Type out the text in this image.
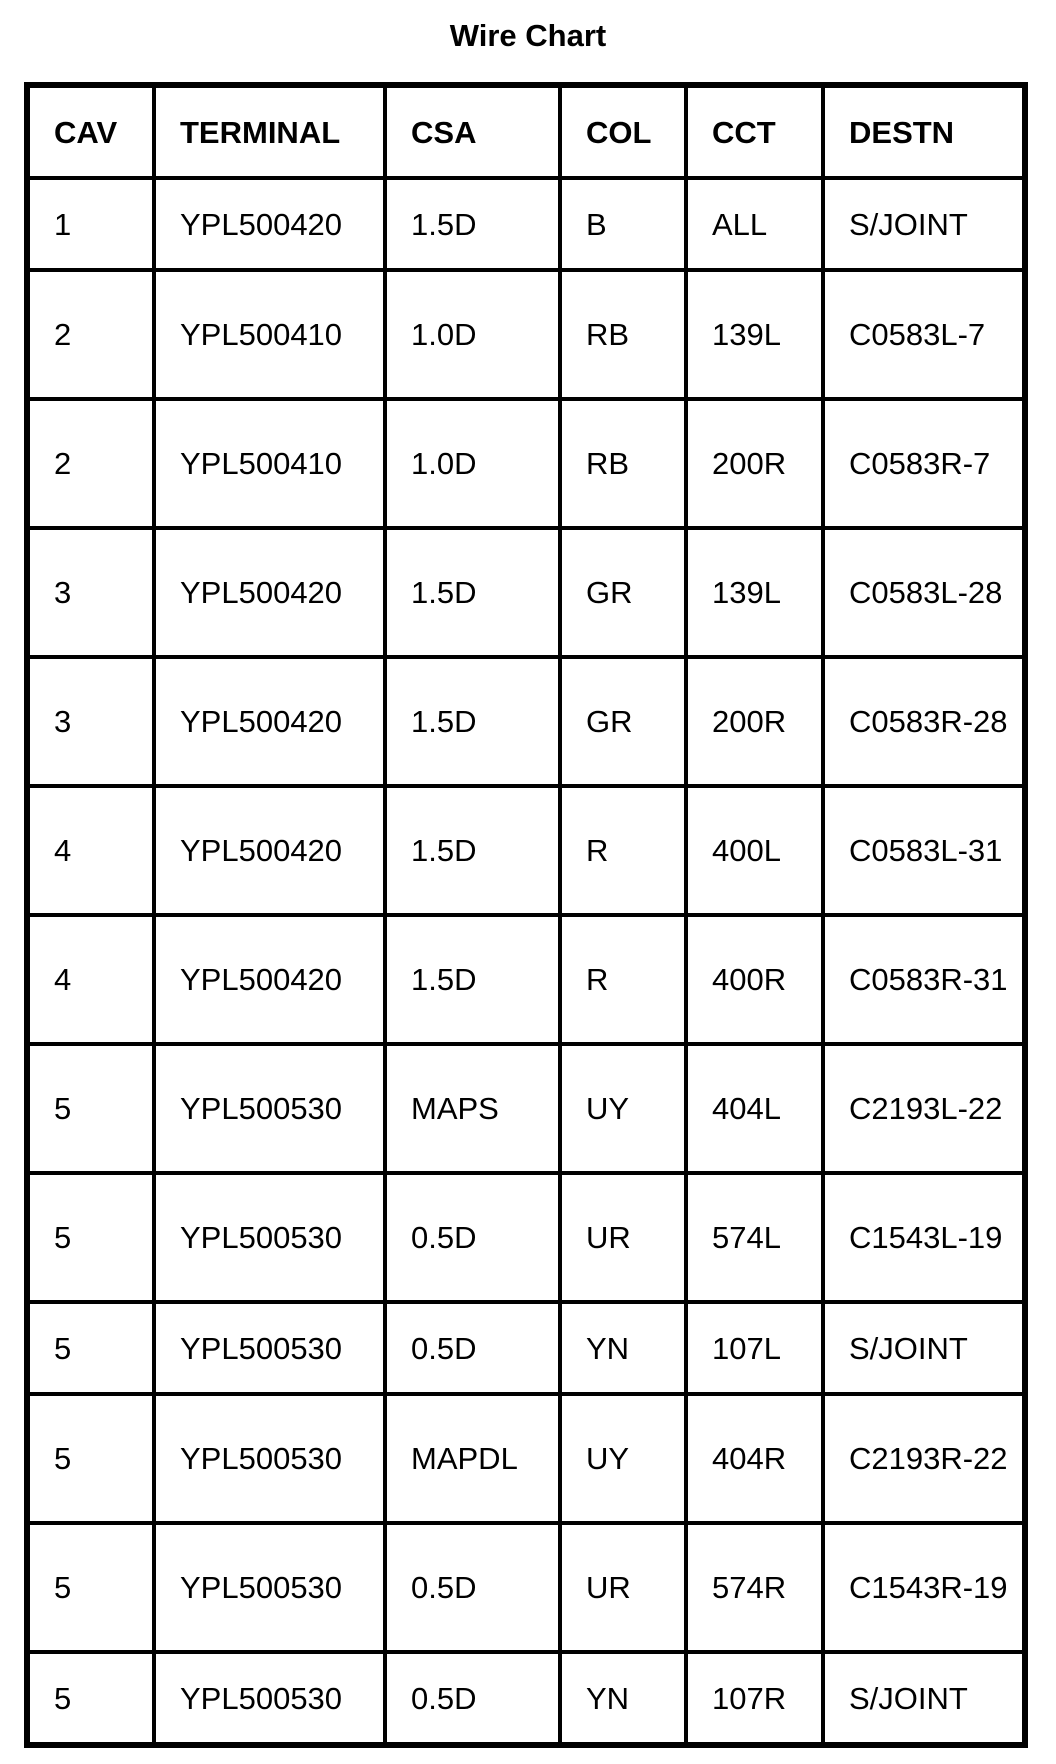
Wire Chart
CAV	TERMINAL	CSA	COL	CCT	DESTN
1	YPL500420	1.5D	B	ALL	S/JOINT
2	YPL500410	1.0D	RB	139L	C0583L-7
2	YPL500410	1.0D	RB	200R	C0583R-7
3	YPL500420	1.5D	GR	139L	C0583L-28
3	YPL500420	1.5D	GR	200R	C0583R-28
4	YPL500420	1.5D	R	400L	C0583L-31
4	YPL500420	1.5D	R	400R	C0583R-31
5	YPL500530	MAPS	UY	404L	C2193L-22
5	YPL500530	0.5D	UR	574L	C1543L-19
5	YPL500530	0.5D	YN	107L	S/JOINT
5	YPL500530	MAPDL	UY	404R	C2193R-22
5	YPL500530	0.5D	UR	574R	C1543R-19
5	YPL500530	0.5D	YN	107R	S/JOINT
